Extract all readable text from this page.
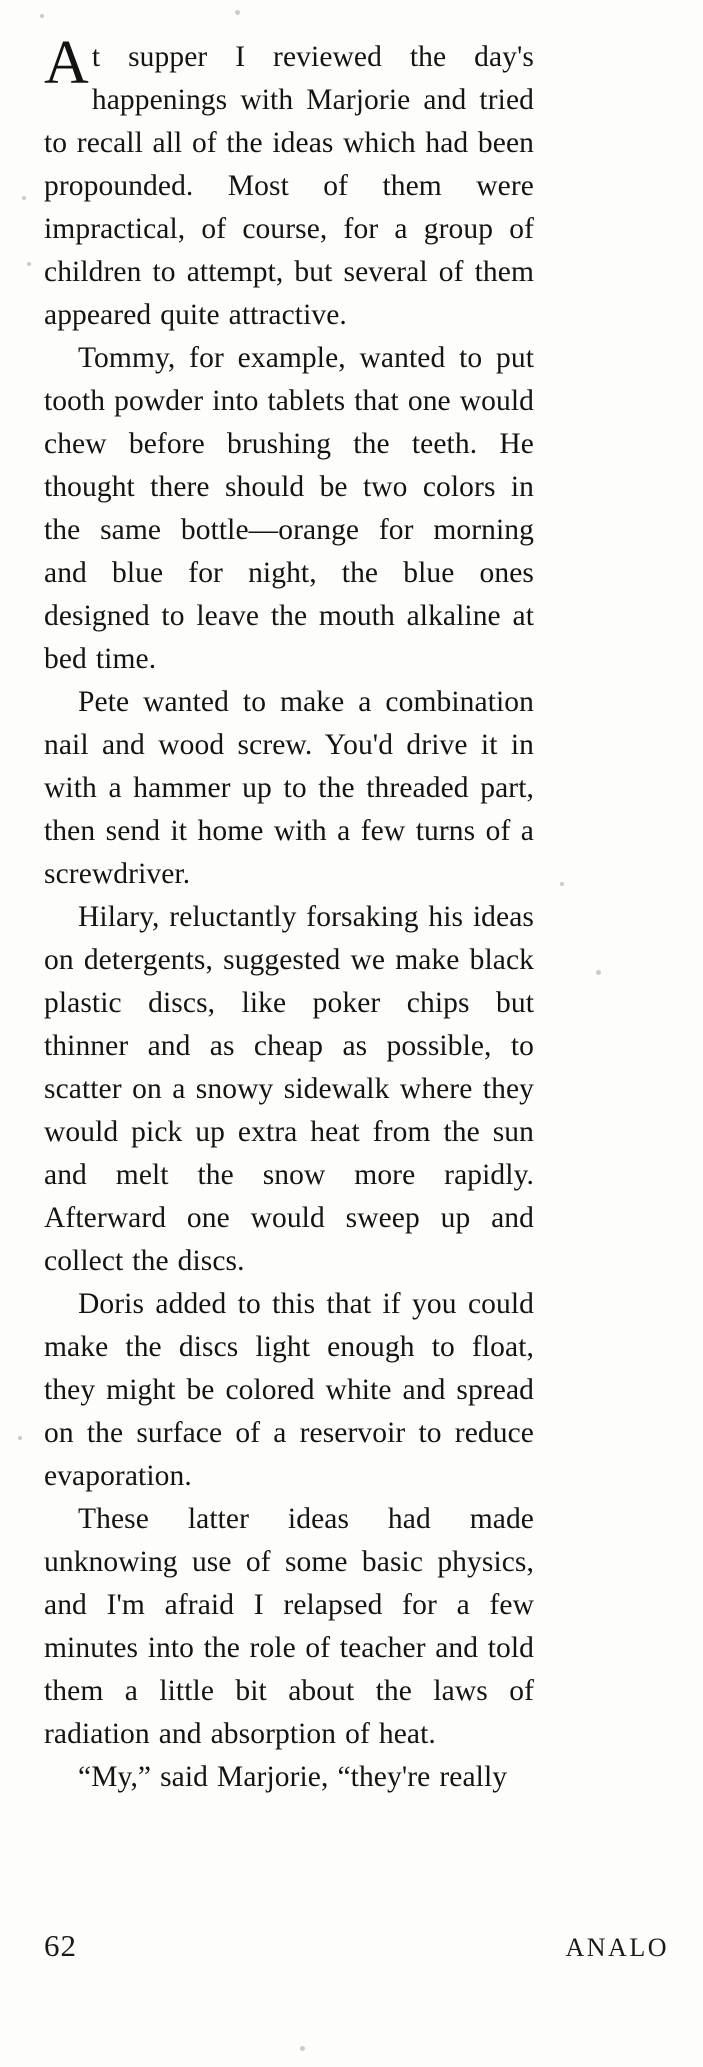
At supper I reviewed the day's happenings with Marjorie and tried to recall all of the ideas which had been propounded. Most of them were impractical, of course, for a group of children to attempt, but several of them appeared quite attractive.

Tommy, for example, wanted to put tooth powder into tablets that one would chew before brushing the teeth. He thought there should be two colors in the same bottle—orange for morning and blue for night, the blue ones designed to leave the mouth alkaline at bed time.

Pete wanted to make a combination nail and wood screw. You'd drive it in with a hammer up to the threaded part, then send it home with a few turns of a screwdriver.

Hilary, reluctantly forsaking his ideas on detergents, suggested we make black plastic discs, like poker chips but thinner and as cheap as possible, to scatter on a snowy sidewalk where they would pick up extra heat from the sun and melt the snow more rapidly. Afterward one would sweep up and collect the discs.

Doris added to this that if you could make the discs light enough to float, they might be colored white and spread on the surface of a reservoir to reduce evaporation.

These latter ideas had made unknowing use of some basic physics, and I'm afraid I relapsed for a few minutes into the role of teacher and told them a little bit about the laws of radiation and absorption of heat.

“My,” said Marjorie, “they're really

62	ANALO
